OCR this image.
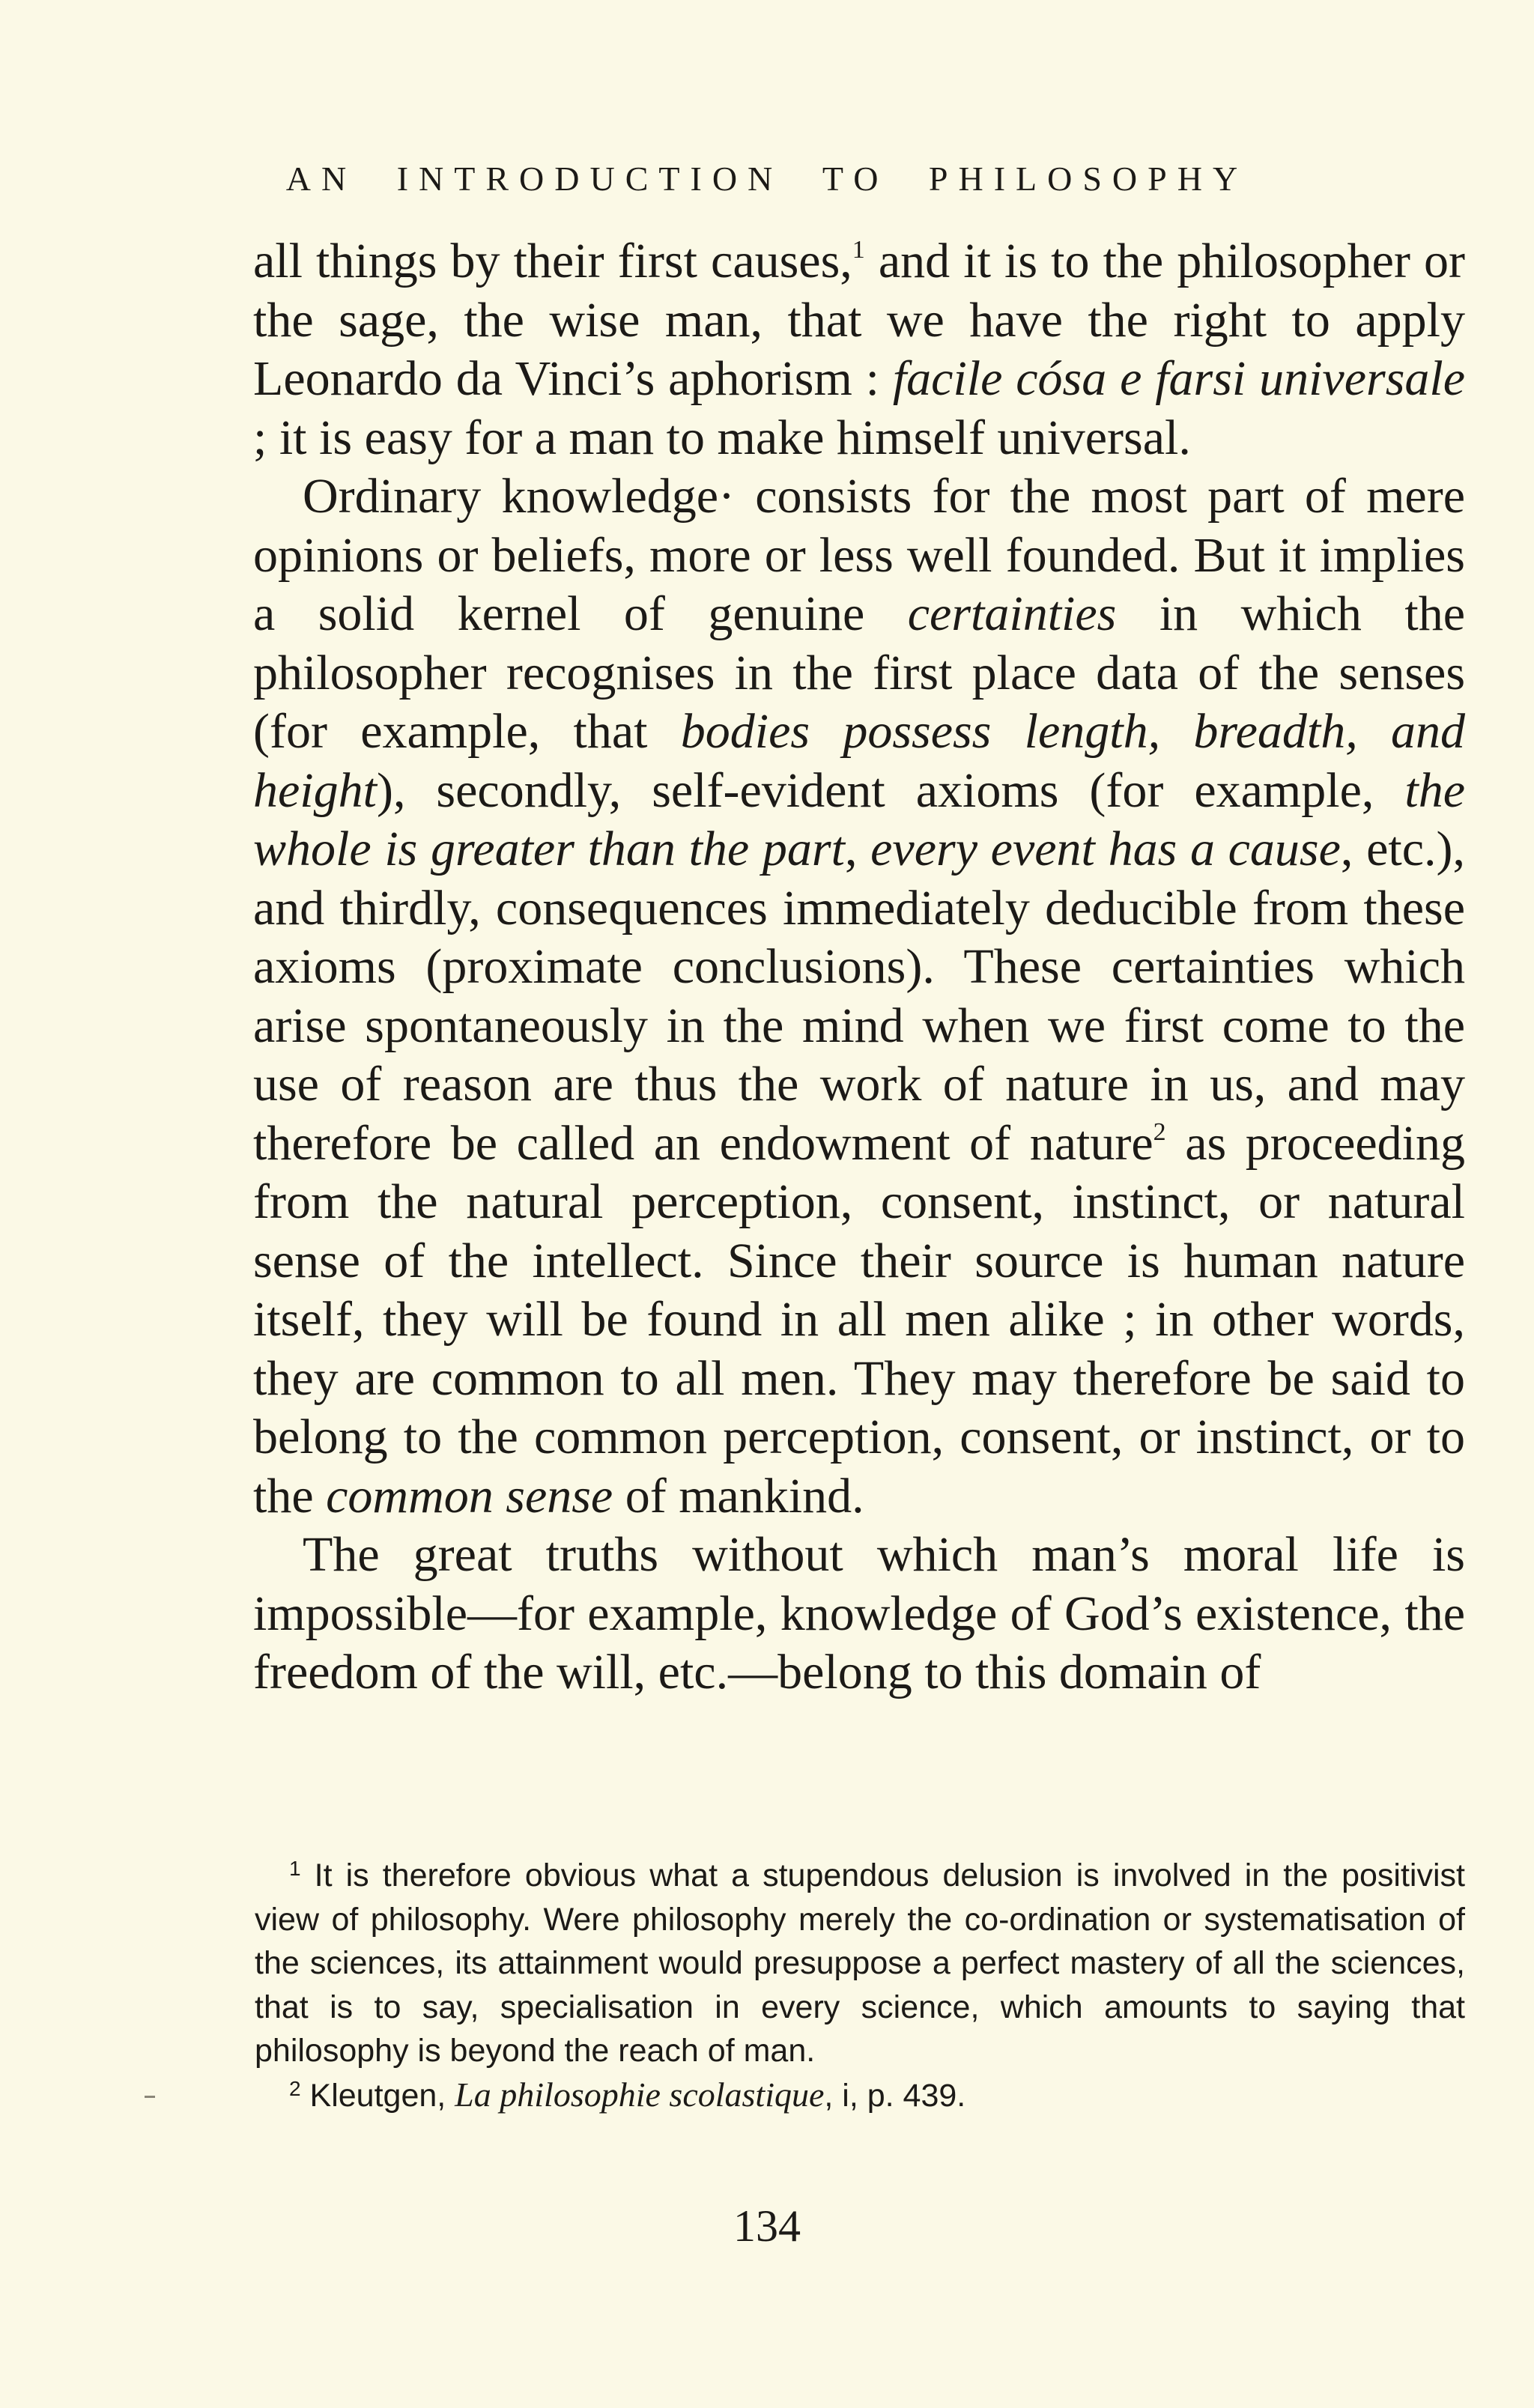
AN INTRODUCTION TO PHILOSOPHY

all things by their first causes,$^1$ and it is to the philosopher or the sage, the wise man, that we have the right to apply Leonardo da Vinci’s aphorism : facile cósa e farsi universale ; it is easy for a man to make himself universal.

Ordinary knowledge· consists for the most part of mere opinions or beliefs, more or less well founded. But it implies a solid kernel of genuine certainties in which the philosopher recognises in the first place data of the senses (for example, that bodies possess length, breadth, and height), secondly, self-evident axioms (for example, the whole is greater than the part, every event has a cause, etc.), and thirdly, consequences immediately deducible from these axioms (proximate conclusions). These certainties which arise spontaneously in the mind when we first come to the use of reason are thus the work of nature in us, and may therefore be called an endowment of nature$^2$ as proceeding from the natural perception, consent, instinct, or natural sense of the intellect. Since their source is human nature itself, they will be found in all men alike ; in other words, they are common to all men. They may therefore be said to belong to the common perception, consent, or instinct, or to the common sense of mankind.

The great truths without which man’s moral life is impossible—for example, knowledge of God’s existence, the freedom of the will, etc.—belong to this domain of

$^1$ It is therefore obvious what a stupendous delusion is involved in the positivist view of philosophy. Were philosophy merely the co-ordination or systematisation of the sciences, its attainment would presuppose a perfect mastery of all the sciences, that is to say, specialisation in every science, which amounts to saying that philosophy is beyond the reach of man.

$^2$ Kleutgen, La philosophie scolastique, i, p. 439.

134
